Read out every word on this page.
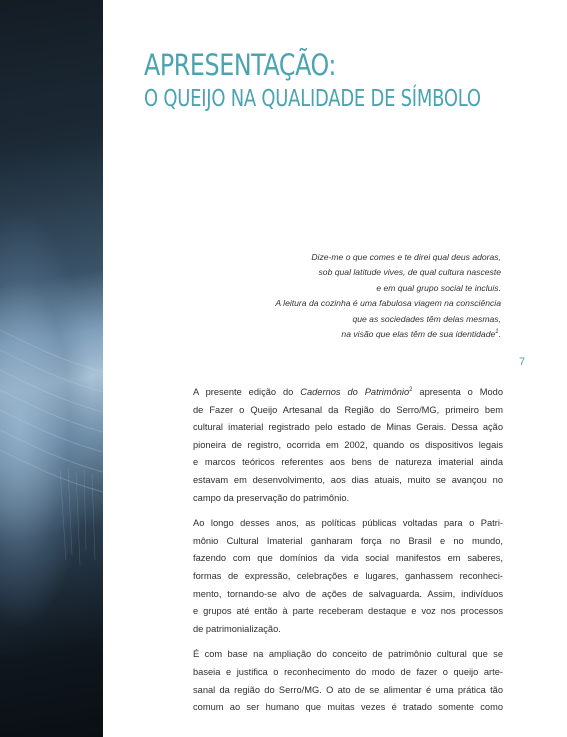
APRESENTAÇÃO:
O QUEIJO NA QUALIDADE DE SÍMBOLO

Dize-me o que comes e te direi qual deus adoras,

sob qual latitude vives, de qual cultura nasceste

e em qual grupo social te incluis.

A leitura da cozinha é uma fabulosa viagem na consciência

que as sociedades têm delas mesmas,

na visão que elas têm de sua identidade$^1$.

7

A presente edição do Cadernos do Patrimônio$^2$ apresenta o Modo
de Fazer o Queijo Artesanal da Região do Serro/MG, primeiro bem
cultural imaterial registrado pelo estado de Minas Gerais. Dessa ação
pioneira de registro, ocorrida em 2002, quando os dispositivos legais
e marcos teóricos referentes aos bens de natureza imaterial ainda
estavam em desenvolvimento, aos dias atuais, muito se avançou no
campo da preservação do patrimônio.

Ao longo desses anos, as políticas públicas voltadas para o Patri-
mônio Cultural Imaterial ganharam força no Brasil e no mundo,
fazendo com que domínios da vida social manifestos em saberes,
formas de expressão, celebrações e lugares, ganhassem reconheci-
mento, tornando-se alvo de ações de salvaguarda. Assim, indivíduos
e grupos até então à parte receberam destaque e voz nos processos
de patrimonialização.

É com base na ampliação do conceito de patrimônio cultural que se
baseia e justifica o reconhecimento do modo de fazer o queijo arte-
sanal da região do Serro/MG. O ato de se alimentar é uma prática tão
comum ao ser humano que muitas vezes é tratado somente como
